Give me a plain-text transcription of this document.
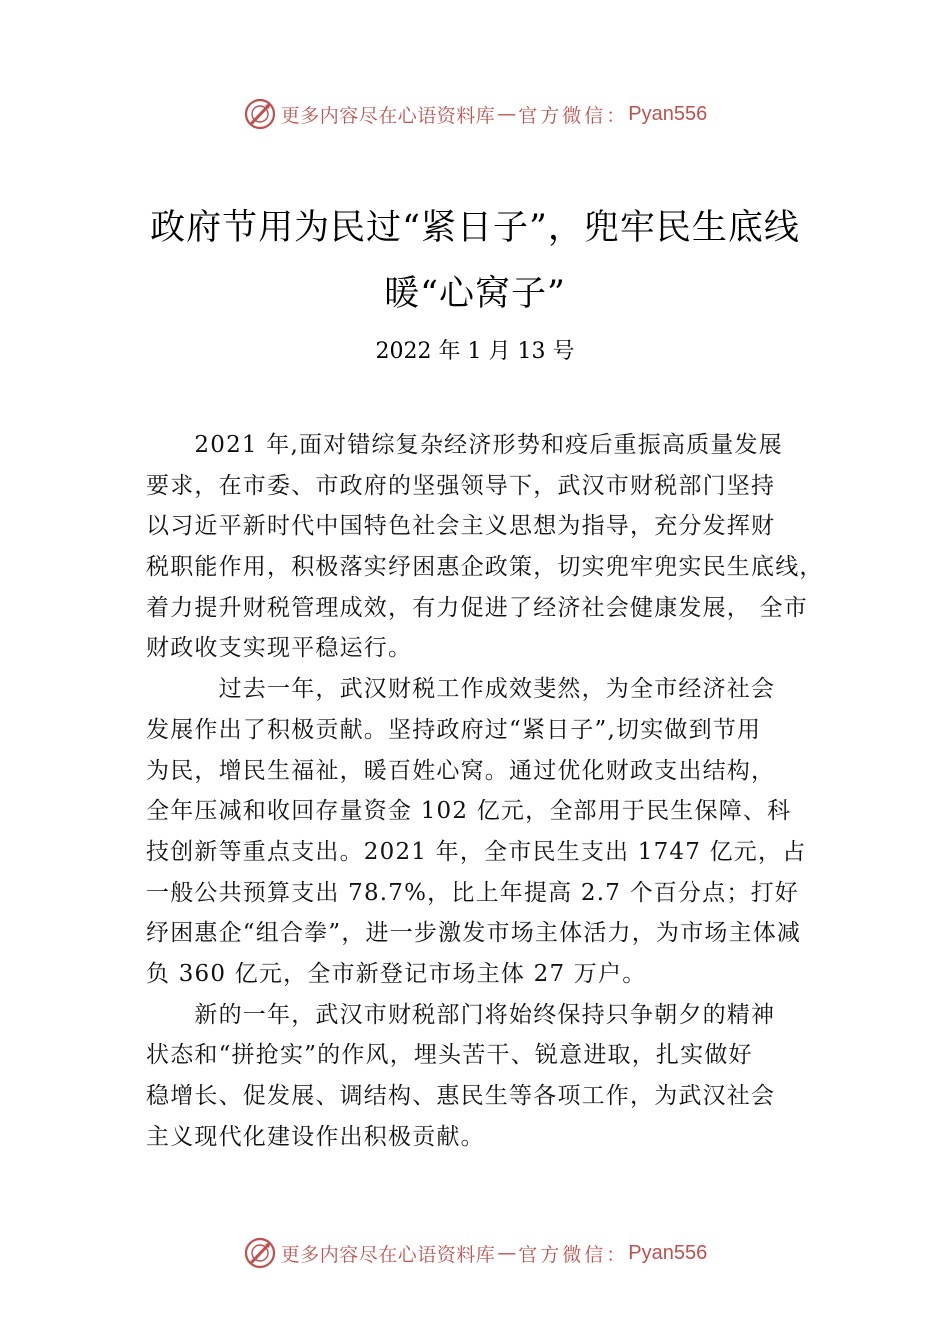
更多内容尽在心语资料库 — 官方微信： Pyan556
政府节用为民过“紧日子”，兜牢民生底线
暖“心窝子”
2022 年 1 月 13 号
　　2021 年,面对错综复杂经济形势和疫后重振高质量发展
要求，在市委、市政府的坚强领导下，武汉市财税部门坚持
以习近平新时代中国特色社会主义思想为指导，充分发挥财
税职能作用，积极落实纾困惠企政策，切实兜牢兜实民生底线，
着力提升财税管理成效，有力促进了经济社会健康发展， 全市
财政收支实现平稳运行。
　　　过去一年，武汉财税工作成效斐然，为全市经济社会
发展作出了积极贡献。坚持政府过“紧日子”,切实做到节用
为民，增民生福祉，暖百姓心窝。通过优化财政支出结构，
全年压减和收回存量资金 102 亿元，全部用于民生保障、科
技创新等重点支出。2021 年，全市民生支出 1747 亿元，占
一般公共预算支出 78.7%，比上年提高 2.7 个百分点；打好
纾困惠企“组合拳”，进一步激发市场主体活力，为市场主体减
负 360 亿元，全市新登记市场主体 27 万户。
　　新的一年，武汉市财税部门将始终保持只争朝夕的精神
状态和“拼抢实”的作风，埋头苦干、锐意进取，扎实做好
稳增长、促发展、调结构、惠民生等各项工作，为武汉社会
主义现代化建设作出积极贡献。
更多内容尽在心语资料库 — 官方微信： Pyan556
